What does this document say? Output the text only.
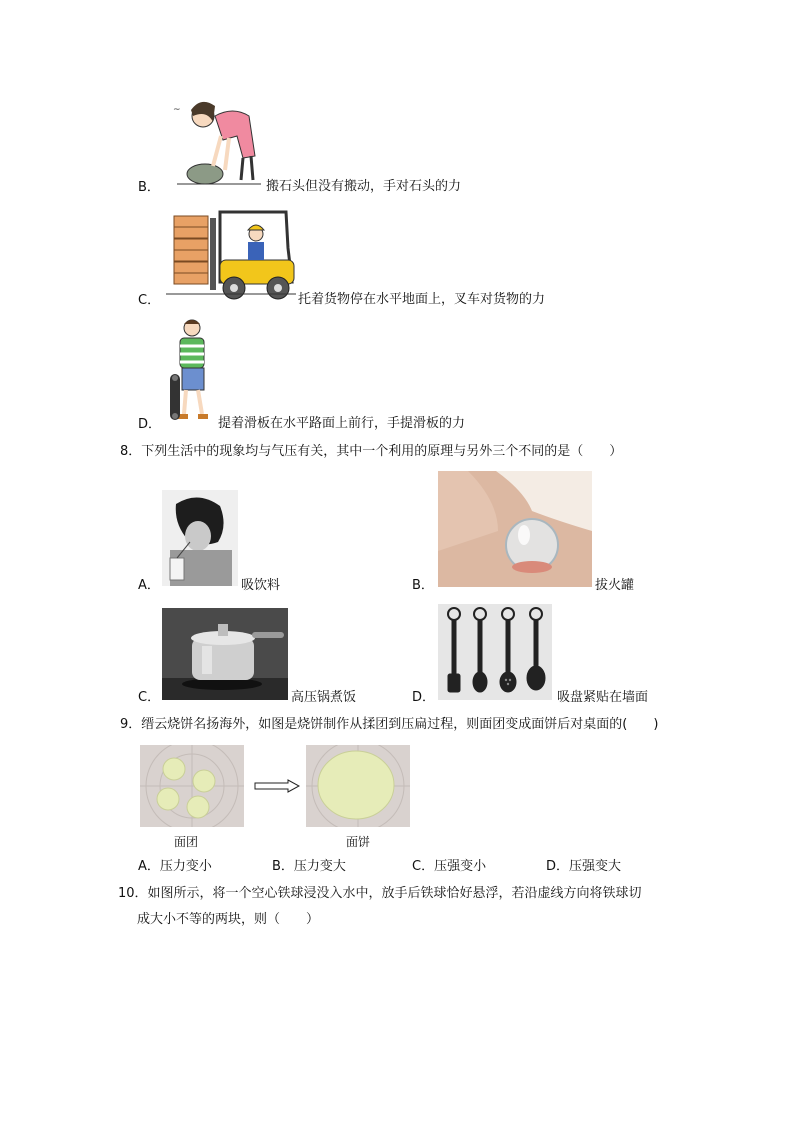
~
B．	搬石头但没有搬动，手对石头的力
C．	托着货物停在水平地面上，叉车对货物的力
D．	提着滑板在水平路面上前行，手提滑板的力
8．下列生活中的现象均与气压有关，其中一个利用的原理与另外三个不同的是（　　）
A．	吸饮料	B．	拔火罐
C．	高压锅煮饭	D．	吸盘紧贴在墙面
9．缙云烧饼名扬海外，如图是烧饼制作从揉团到压扁过程，则面团变成面饼后对桌面的(　　)
面团	面饼
A．压力变小	B．压力变大	C．压强变小	D．压强变大
10．如图所示，将一个空心铁球浸没入水中，放手后铁球恰好悬浮，若沿虚线方向将铁球切
成大小不等的两块，则（　　）
